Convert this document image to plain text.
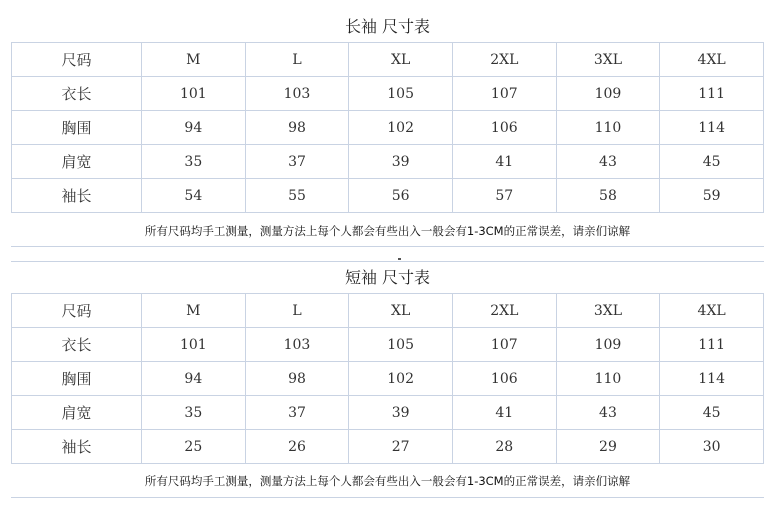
长袖 尺寸表
尺码	M	L	XL	2XL	3XL	4XL
衣长	101	103	105	107	109	111
胸围	94	98	102	106	110	114
肩宽	35	37	39	41	43	45
袖长	54	55	56	57	58	59
所有尺码均手工测量，测量方法上每个人都会有些出入一般会有1-3CM的正常误差，请亲们谅解
短袖 尺寸表
尺码	M	L	XL	2XL	3XL	4XL
衣长	101	103	105	107	109	111
胸围	94	98	102	106	110	114
肩宽	35	37	39	41	43	45
袖长	25	26	27	28	29	30
所有尺码均手工测量，测量方法上每个人都会有些出入一般会有1-3CM的正常误差，请亲们谅解
